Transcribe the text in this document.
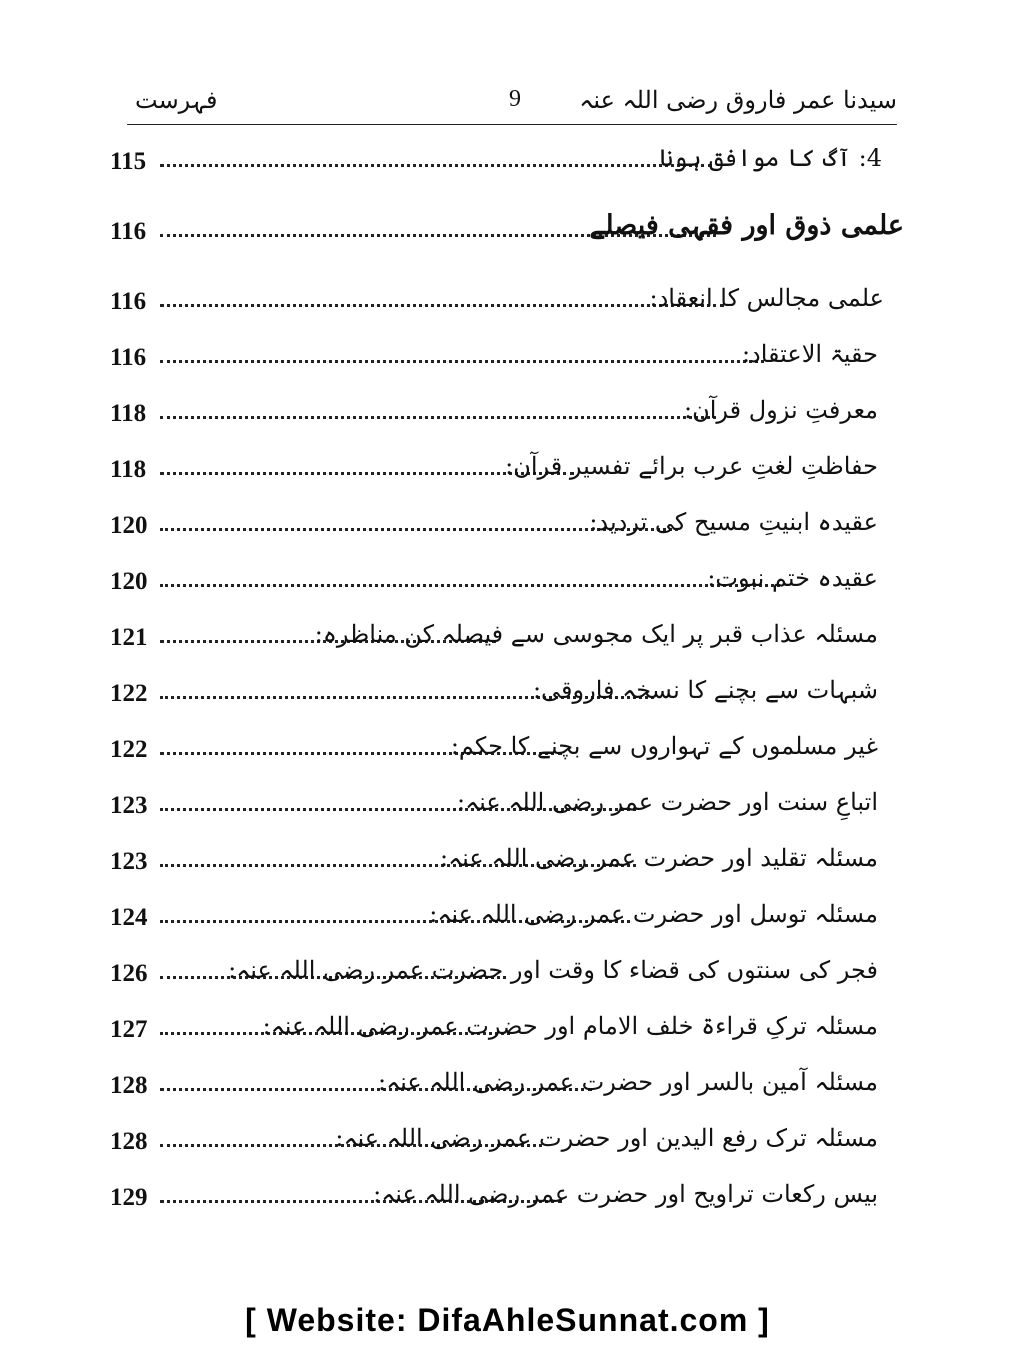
سیدنا عمر فاروق رضی اللہ عنہ
9
فہرست
115	4: آگ کا موافق ہونا
116	علمی ذوق اور فقہی فیصلے
116	علمی مجالس کا انعقاد:
116	حقیۃ الاعتقاد:
118	معرفتِ نزول قرآن:
118	حفاظتِ لغتِ عرب برائے تفسیر قرآن:
120	عقیدہ ابنیتِ مسیح کی تردید:
120	عقیدہ ختم نبوت:
121	مسئلہ عذاب قبر پر ایک مجوسی سے فیصلہ کن مناظرہ:
122	شبہات سے بچنے کا نسخہ فاروقی:
122	غیر مسلموں کے تہواروں سے بچنے کا حکم:
123	اتباعِ سنت اور حضرت عمر رضی اللہ عنہ:
123	مسئلہ تقلید اور حضرت عمر رضی اللہ عنہ:
124	مسئلہ توسل اور حضرت عمر رضی اللہ عنہ:
126	فجر کی سنتوں کی قضاء کا وقت اور حضرت عمر رضی اللہ عنہ:
127	مسئلہ ترکِ قراءۃ خلف الامام اور حضرت عمر رضی اللہ عنہ:
128	مسئلہ آمین بالسر اور حضرت عمر رضی اللہ عنہ:
128	مسئلہ ترک رفع الیدین اور حضرت عمر رضی اللہ عنہ:
129	بیس رکعات تراویح اور حضرت عمر رضی اللہ عنہ:
[ Website: DifaAhleSunnat.com ]
